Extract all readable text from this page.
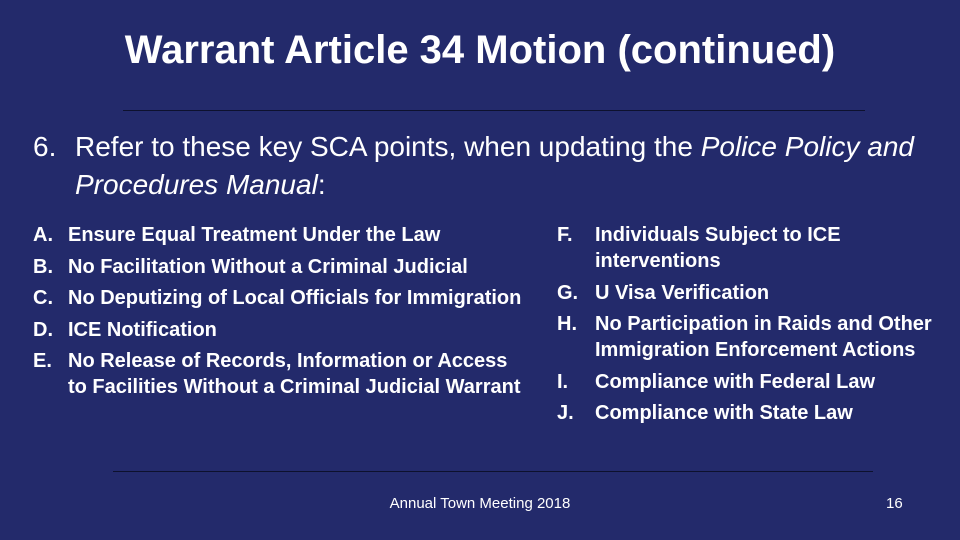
Warrant Article 34 Motion (continued)
6. Refer to these key SCA points, when updating the Police Policy and Procedures Manual:
A. Ensure Equal Treatment Under the Law
B. No Facilitation Without a Criminal Judicial
C. No Deputizing of Local Officials for Immigration
D. ICE Notification
E. No Release of Records, Information or Access to Facilities Without a Criminal Judicial Warrant
F.	Individuals Subject to ICE interventions
G. U Visa Verification
H. No Participation in Raids and Other Immigration Enforcement Actions
I.	Compliance with Federal Law
J.	Compliance with State Law
Annual Town Meeting 2018	16
